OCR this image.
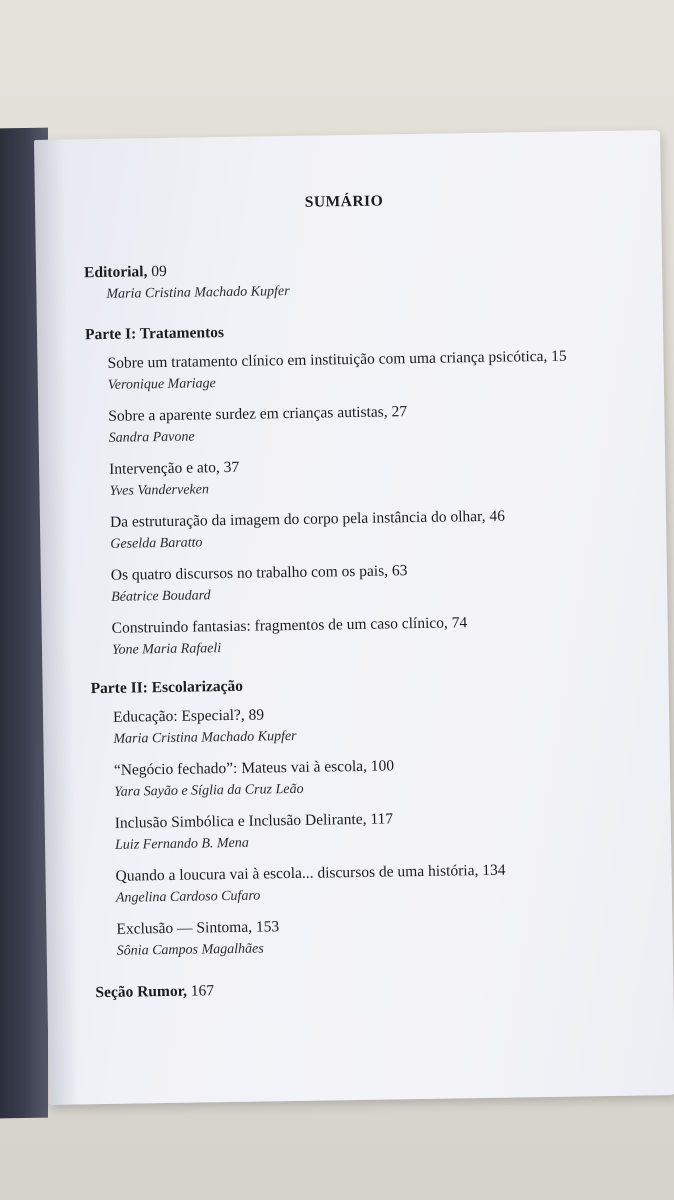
SUMÁRIO
Editorial, 09
Maria Cristina Machado Kupfer
Parte I: Tratamentos
Sobre um tratamento clínico em instituição com uma criança psicótica, 15
Veronique Mariage
Sobre a aparente surdez em crianças autistas, 27
Sandra Pavone
Intervenção e ato, 37
Yves Vanderveken
Da estruturação da imagem do corpo pela instância do olhar, 46
Geselda Baratto
Os quatro discursos no trabalho com os pais, 63
Béatrice Boudard
Construindo fantasias: fragmentos de um caso clínico, 74
Yone Maria Rafaeli
Parte II: Escolarização
Educação: Especial?, 89
Maria Cristina Machado Kupfer
“Negócio fechado”: Mateus vai à escola, 100
Yara Sayão e Síglia da Cruz Leão
Inclusão Simbólica e Inclusão Delirante, 117
Luiz Fernando B. Mena
Quando a loucura vai à escola... discursos de uma história, 134
Angelina Cardoso Cufaro
Exclusão — Sintoma, 153
Sônia Campos Magalhães
Seção Rumor, 167
